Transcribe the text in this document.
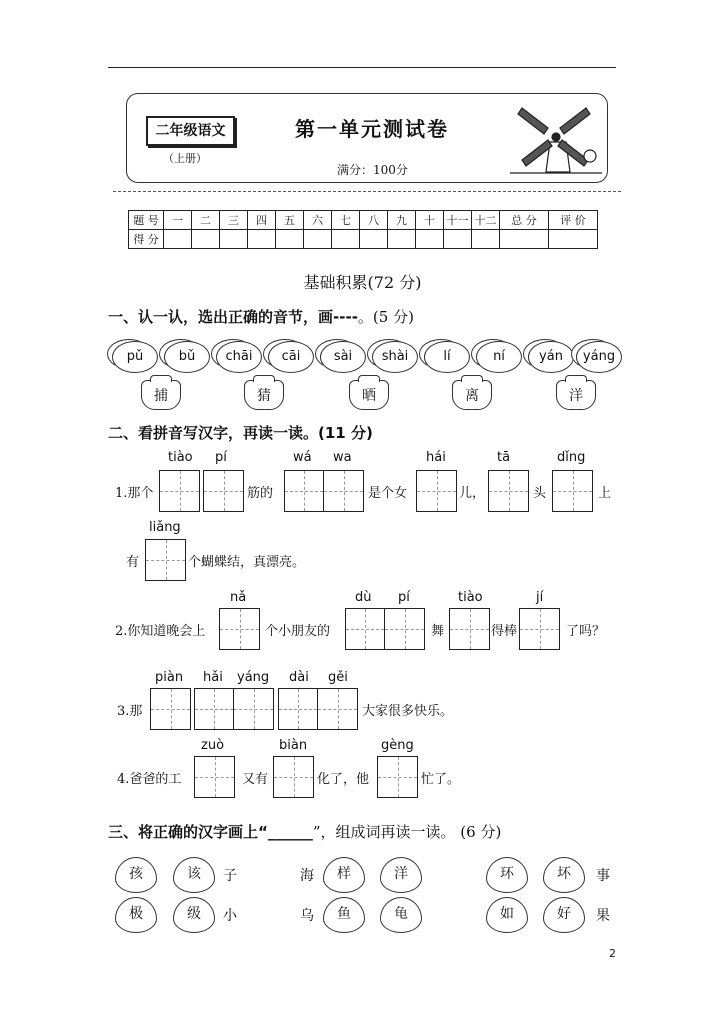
二年级语文
（上册）
第一单元测试卷
满分：100分
题 号	一	二	三	四	五	六	七	八	九	十	十一	十二	总 分	评 价
得 分														
基础积累(72 分)
一、认一认，选出正确的音节，画----。(5 分)
pǔ	bǔ	chāi	cāi	sài	shài	lí	ní	yán	yáng
捕	猜	晒	离	洋
二、看拼音写汉字，再读一读。(11 分)
tiào pí	wá wa	hái	tā	dǐng
1.那个	筋的	是个女	儿，	头	上
liǎng
有	个蝴蝶结，真漂亮。
nǎ	dù pí	tiào	jí
2.你知道晚会上	个小朋友的	舞	得棒	了吗？
piàn hǎi yáng dài gěi
3.那	大家很多快乐。
zuò	biàn	gèng
4.爸爸的工	又有	化了，他	忙了。
三、将正确的汉字画上“______”，组成词再读一读。 (6 分)
孩	该	子	海	样	洋	环	坏	事
极	级	小	乌	鱼	龟	如	好	果
2
